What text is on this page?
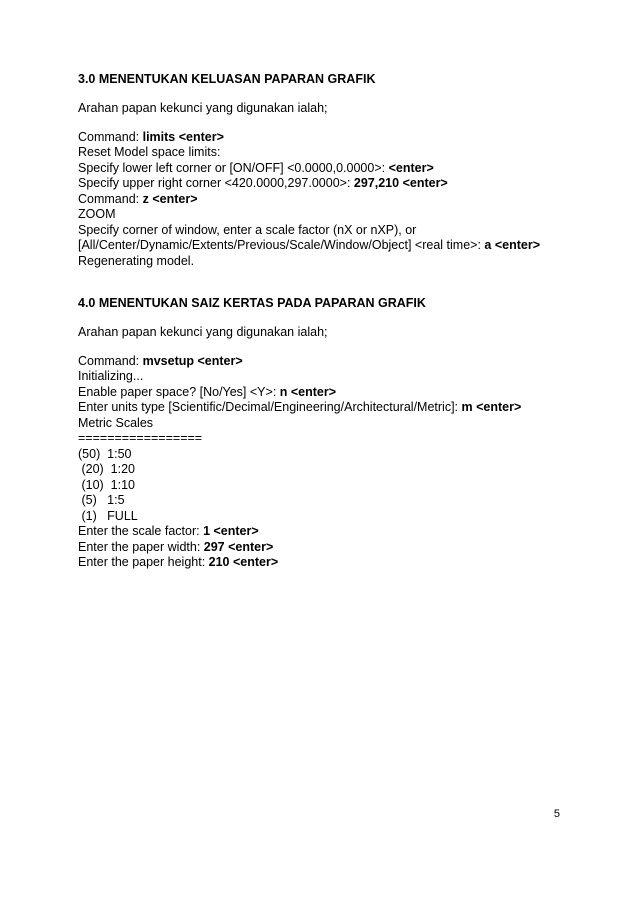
3.0 MENENTUKAN KELUASAN PAPARAN GRAFIK

Arahan papan kekunci yang digunakan ialah;

Command: limits <enter>

Reset Model space limits:

Specify lower left corner or [ON/OFF] <0.0000,0.0000>: <enter>

Specify upper right corner <420.0000,297.0000>: 297,210 <enter>

Command: z <enter>

ZOOM

Specify corner of window, enter a scale factor (nX or nXP), or

[All/Center/Dynamic/Extents/Previous/Scale/Window/Object] <real time>: a <enter>

Regenerating model.

4.0 MENENTUKAN SAIZ KERTAS PADA PAPARAN GRAFIK

Arahan papan kekunci yang digunakan ialah;

Command: mvsetup <enter>

Initializing...

Enable paper space? [No/Yes] <Y>: n <enter>

Enter units type [Scientific/Decimal/Engineering/Architectural/Metric]: m <enter>

Metric Scales

=================

(50)  1:50

(20)  1:20

(10)  1:10

(5)   1:5

(1)   FULL

Enter the scale factor: 1 <enter>

Enter the paper width: 297 <enter>

Enter the paper height: 210 <enter>

5
